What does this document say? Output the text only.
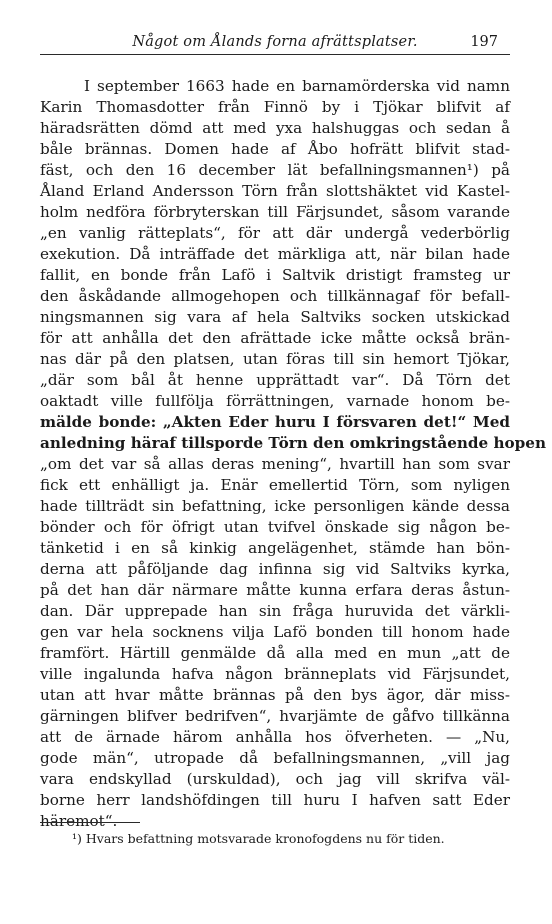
Något om Ålands forna afrättsplatser.	197
I september 1663 hade en barnamörderska vid namn
Karin Thomasdotter från Finnö by i Tjökar blifvit af
häradsrätten dömd att med yxa halshuggas och sedan å
båle brännas. Domen hade af Åbo hofrätt blifvit stad-
fäst, och den 16 december lät befallningsmannen¹) på
Åland Erland Andersson Törn från slottshäktet vid Kastel-
holm nedföra förbryterskan till Färjsundet, såsom varande
„en vanlig rätteplats“, för att där undergå vederbörlig
exekution. Då inträffade det märkliga att, när bilan hade
fallit, en bonde från Lafö i Saltvik dristigt framsteg ur
den åskådande allmogehopen och tillkännagaf för befall-
ningsmannen sig vara af hela Saltviks socken utskickad
för att anhålla det den afrättade icke måtte också brän-
nas där på den platsen, utan föras till sin hemort Tjökar,
„där som bål åt henne upprättadt var“. Då Törn det
oaktadt ville fullfölja förrättningen, varnade honom be-
mälde bonde: „Akten Eder huru I försvaren det!“ Med
anledning häraf tillsporde Törn den omkringstående hopen
„om det var så allas deras mening“, hvartill han som svar
fick ett enhälligt ja. Enär emellertid Törn, som nyligen
hade tillträdt sin befattning, icke personligen kände dessa
bönder och för öfrigt utan tvifvel önskade sig någon be-
tänketid i en så kinkig angelägenhet, stämde han bön-
derna att påföljande dag infinna sig vid Saltviks kyrka,
på det han där närmare måtte kunna erfara deras åstun-
dan. Där upprepade han sin fråga huruvida det värkli-
gen var hela socknens vilja Lafö bonden till honom hade
framfört. Härtill genmälde då alla med en mun „att de
ville ingalunda hafva någon bränneplats vid Färjsundet,
utan att hvar måtte brännas på den bys ägor, där miss-
gärningen blifver bedrifven“, hvarjämte de gåfvo tillkänna
att de ärnade härom anhålla hos öfverheten. — „Nu,
gode män“, utropade då befallningsmannen, „vill jag
vara endskyllad (urskuldad), och jag vill skrifva väl-
borne herr landshöfdingen till huru I hafven satt Eder
häremot“.
¹) Hvars befattning motsvarade kronofogdens nu för tiden.
